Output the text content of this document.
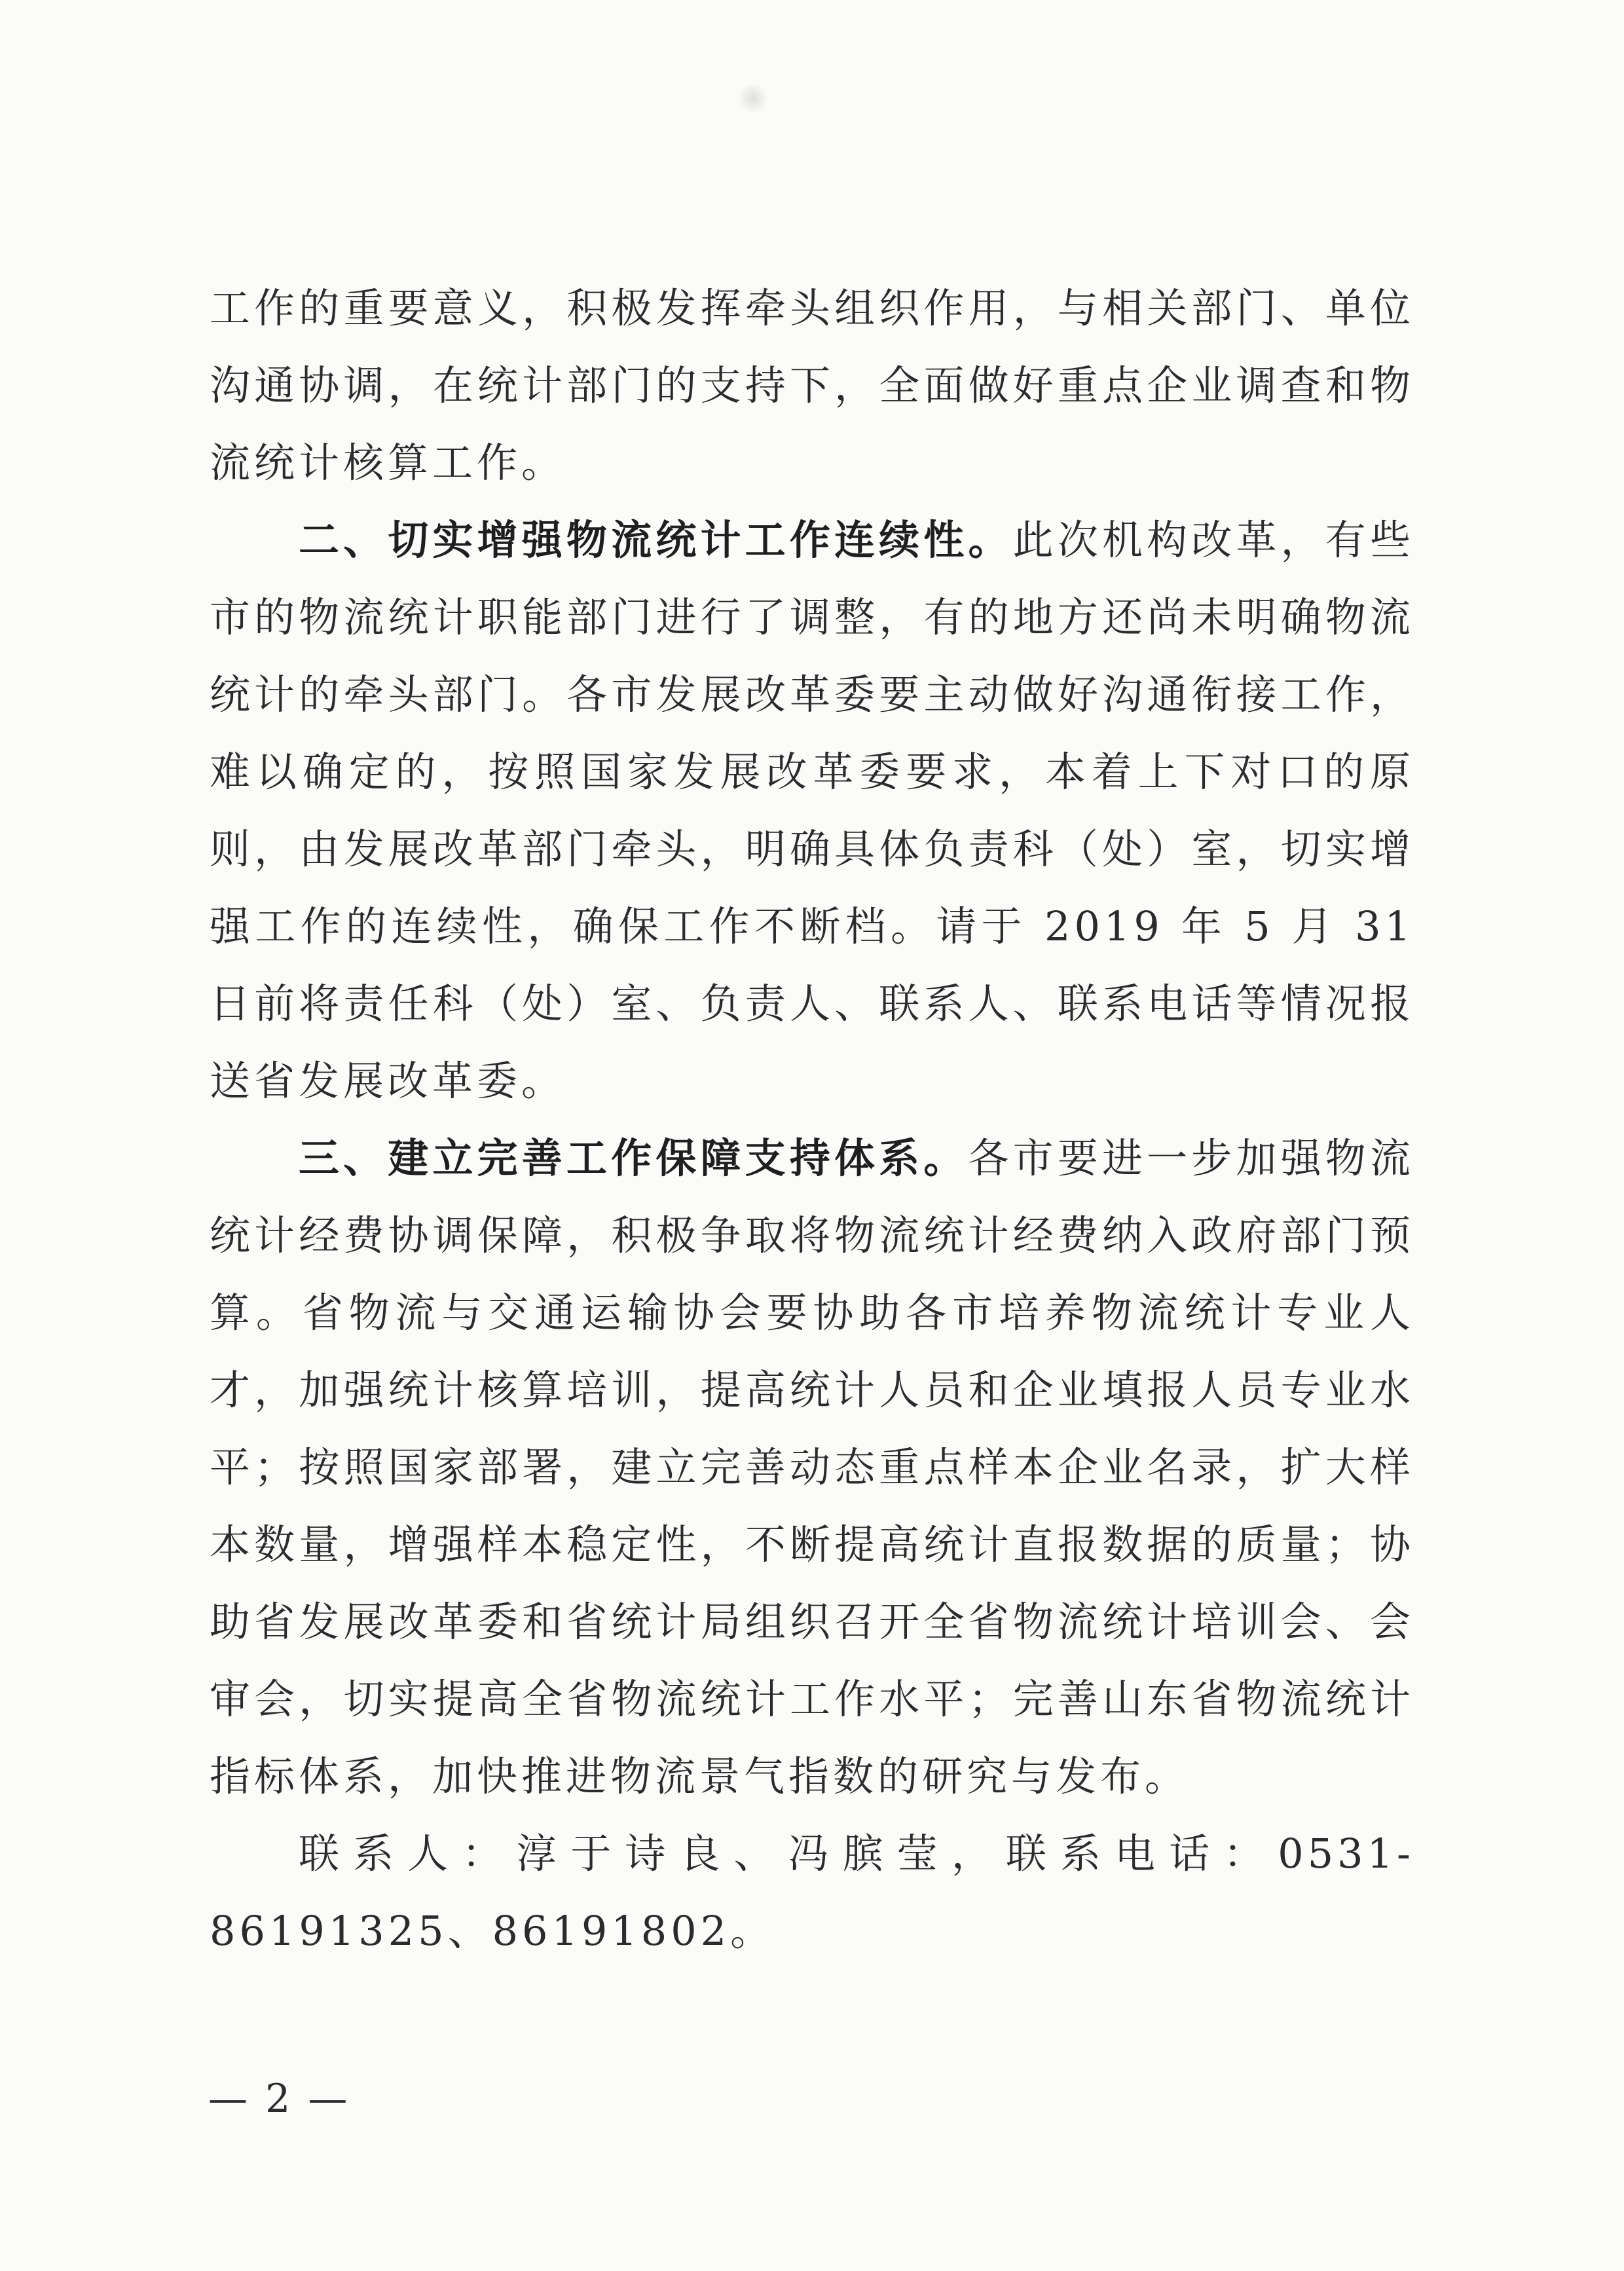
工作的重要意义，积极发挥牵头组织作用，与相关部门、单位沟通协调，在统计部门的支持下，全面做好重点企业调查和物流统计核算工作。

二、切实增强物流统计工作连续性。此次机构改革，有些市的物流统计职能部门进行了调整，有的地方还尚未明确物流统计的牵头部门。各市发展改革委要主动做好沟通衔接工作，难以确定的，按照国家发展改革委要求，本着上下对口的原则，由发展改革部门牵头，明确具体负责科（处）室，切实增强工作的连续性，确保工作不断档。请于 2019 年 5 月 31 日前将责任科（处）室、负责人、联系人、联系电话等情况报送省发展改革委。

三、建立完善工作保障支持体系。各市要进一步加强物流统计经费协调保障，积极争取将物流统计经费纳入政府部门预算。省物流与交通运输协会要协助各市培养物流统计专业人才，加强统计核算培训，提高统计人员和企业填报人员专业水平；按照国家部署，建立完善动态重点样本企业名录，扩大样本数量，增强样本稳定性，不断提高统计直报数据的质量；协助省发展改革委和省统计局组织召开全省物流统计培训会、会审会，切实提高全省物流统计工作水平；完善山东省物流统计指标体系，加快推进物流景气指数的研究与发布。

联系人：淳于诗良、冯膑莹，联系电话：0531-86191325、86191802。

— 2 —
